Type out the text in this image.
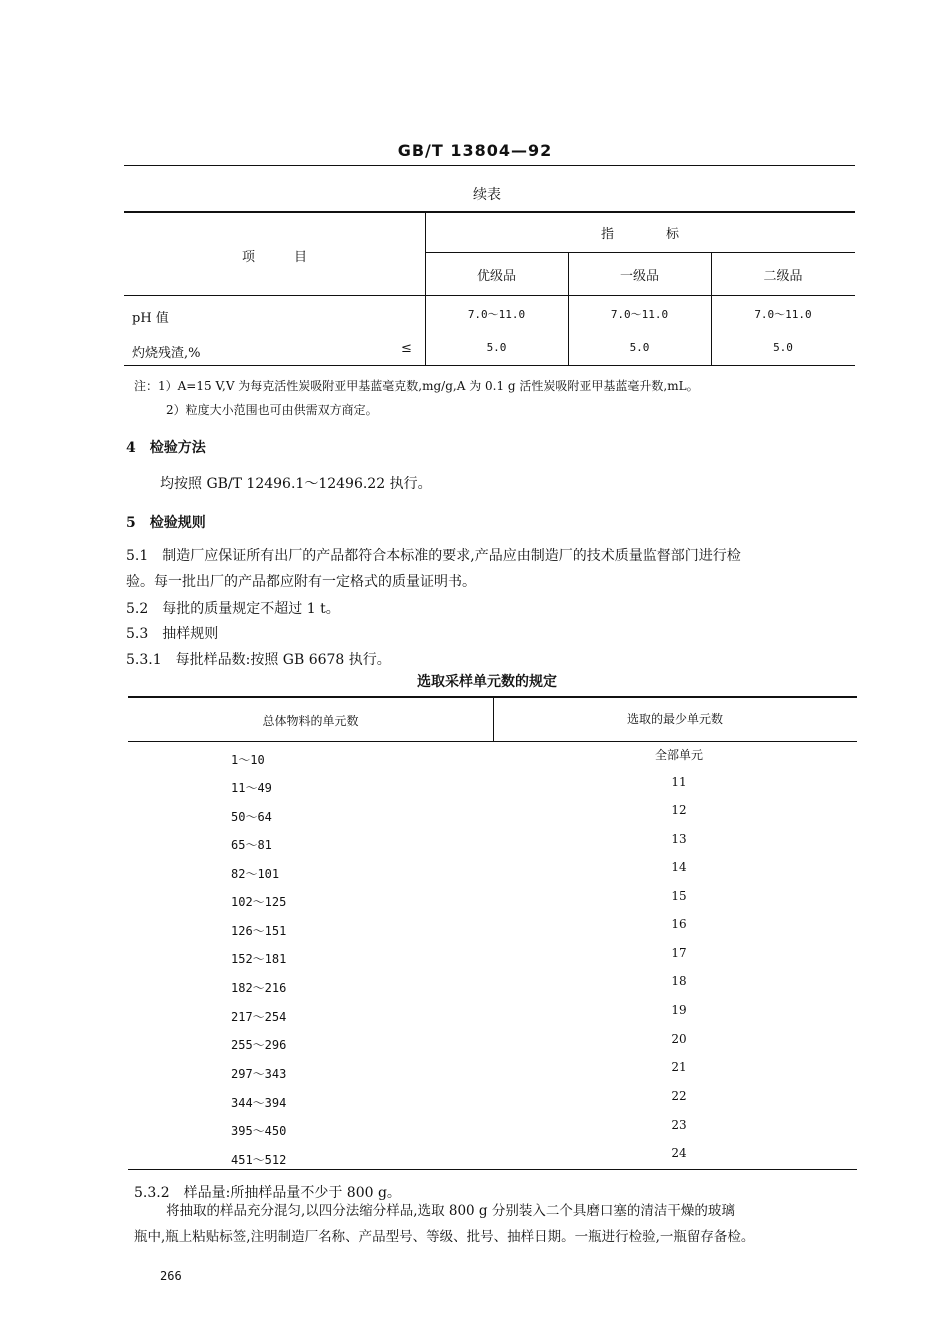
GB/T 13804—92
续表
项　　　目
指　　　　标
优级品	一级品	二级品
pH 值	7.0～11.0	7.0～11.0	7.0～11.0
灼烧残渣,%	≤	5.0	5.0	5.0
注：1）A=15 V,V 为每克活性炭吸附亚甲基蓝毫克数,mg/g,A 为 0.1 g 活性炭吸附亚甲基蓝毫升数,mL。
2）粒度大小范围也可由供需双方商定。
4　检验方法
均按照 GB/T 12496.1～12496.22 执行。
5　检验规则
5.1　制造厂应保证所有出厂的产品都符合本标准的要求,产品应由制造厂的技术质量监督部门进行检
验。每一批出厂的产品都应附有一定格式的质量证明书。
5.2　每批的质量规定不超过 1 t。
5.3　抽样规则
5.3.1　每批样品数:按照 GB 6678 执行。
选取采样单元数的规定
总体物料的单元数	选取的最少单元数
1～10	全部单元
11～49	11
50～64	12
65～81	13
82～101	14
102～125	15
126～151	16
152～181	17
182～216	18
217～254	19
255～296	20
297～343	21
344～394	22
395～450	23
451～512	24
5.3.2　样品量:所抽样品量不少于 800 g。
将抽取的样品充分混匀,以四分法缩分样品,选取 800 g 分别装入二个具磨口塞的清洁干燥的玻璃
瓶中,瓶上粘贴标签,注明制造厂名称、产品型号、等级、批号、抽样日期。一瓶进行检验,一瓶留存备检。
266
